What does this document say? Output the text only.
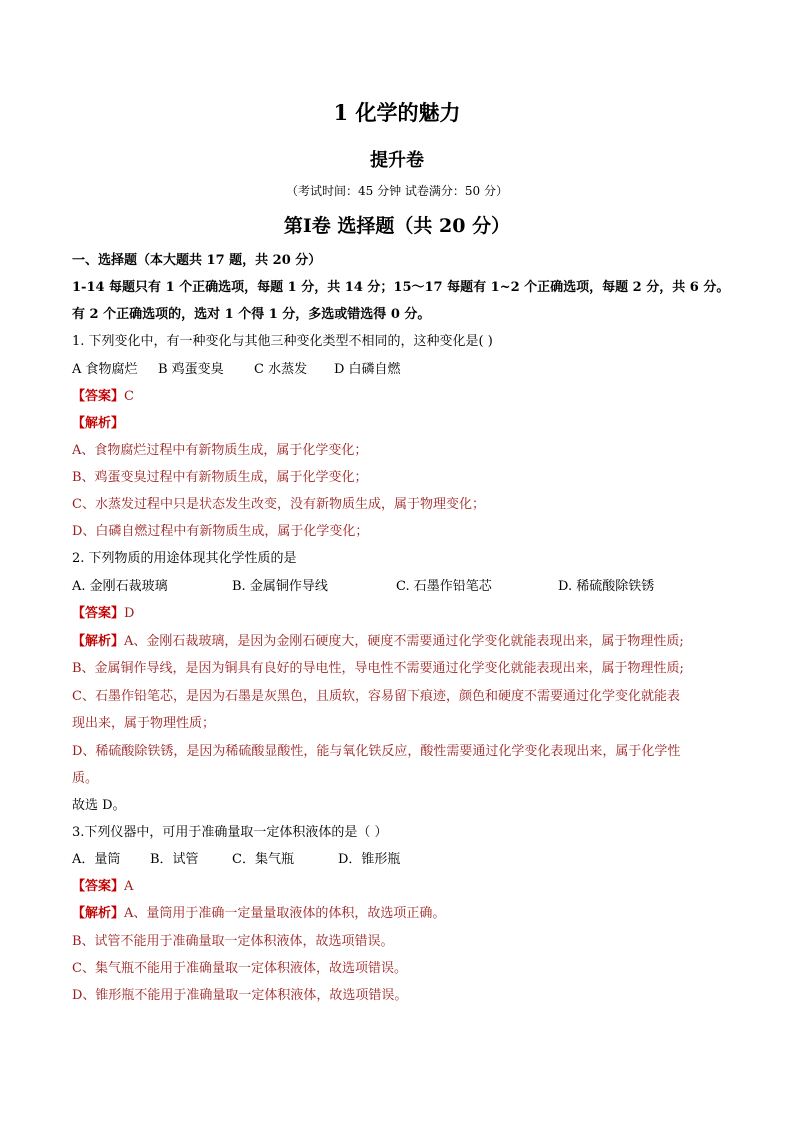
1 化学的魅力
提升卷
（考试时间：45 分钟 试卷满分：50 分）
第Ⅰ卷 选择题（共 20 分）
一、选择题（本大题共 17 题，共 20 分）
1-14 每题只有 1 个正确选项，每题 1 分，共 14 分；15～17 每题有 1~2 个正确选项，每题 2 分，共 6 分。
有 2 个正确选项的，选对 1 个得 1 分，多选或错选得 0 分。
1. 下列变化中，有一种变化与其他三种变化类型不相同的，这种变化是( )
A 食物腐烂 B 鸡蛋变臭 C 水蒸发 D 白磷自燃
【答案】C
【解析】
A、食物腐烂过程中有新物质生成，属于化学变化；
B、鸡蛋变臭过程中有新物质生成，属于化学变化；
C、水蒸发过程中只是状态发生改变，没有新物质生成，属于物理变化；
D、白磷自燃过程中有新物质生成，属于化学变化；
2. 下列物质的用途体现其化学性质的是
A. 金刚石裁玻璃	B. 金属铜作导线	C. 石墨作铅笔芯	D. 稀硫酸除铁锈
【答案】D
【解析】A、金刚石裁玻璃，是因为金刚石硬度大，硬度不需要通过化学变化就能表现出来，属于物理性质;
B、金属铜作导线，是因为铜具有良好的导电性，导电性不需要通过化学变化就能表现出来，属于物理性质;
C、石墨作铅笔芯，是因为石墨是灰黑色，且质软，容易留下痕迹，颜色和硬度不需要通过化学变化就能表
现出来，属于物理性质；
D、稀硫酸除铁锈，是因为稀硫酸显酸性，能与氧化铁反应，酸性需要通过化学变化表现出来，属于化学性
质。
故选 D。
3.下列仪器中，可用于准确量取一定体积液体的是（ ）
A．量筒 B．试管	C．集气瓶	D．锥形瓶
【答案】A
【解析】A、量筒用于准确一定量量取液体的体积，故选项正确。
B、试管不能用于准确量取一定体积液体，故选项错误。
C、集气瓶不能用于准确量取一定体积液体，故选项错误。
D、锥形瓶不能用于准确量取一定体积液体，故选项错误。
